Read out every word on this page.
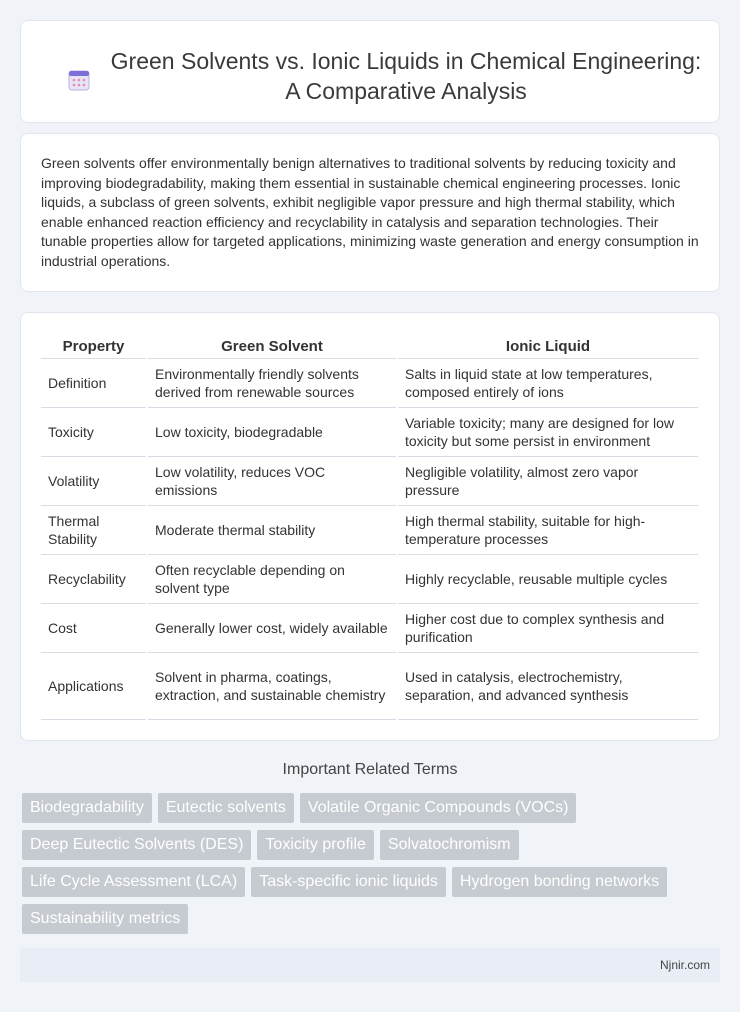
Green Solvents vs. Ionic Liquids in Chemical Engineering: A Comparative Analysis

Green solvents offer environmentally benign alternatives to traditional solvents by reducing toxicity and improving biodegradability, making them essential in sustainable chemical engineering processes. Ionic liquids, a subclass of green solvents, exhibit negligible vapor pressure and high thermal stability, which enable enhanced reaction efficiency and recyclability in catalysis and separation technologies. Their tunable properties allow for targeted applications, minimizing waste generation and energy consumption in industrial operations.

Property	Green Solvent	Ionic Liquid
Definition	Environmentally friendly solvents derived from renewable sources	Salts in liquid state at low temperatures, composed entirely of ions
Toxicity	Low toxicity, biodegradable	Variable toxicity; many are designed for low toxicity but some persist in environment
Volatility	Low volatility, reduces VOC emissions	Negligible volatility, almost zero vapor pressure
Thermal Stability	Moderate thermal stability	High thermal stability, suitable for high-temperature processes
Recyclability	Often recyclable depending on solvent type	Highly recyclable, reusable multiple cycles
Cost	Generally lower cost, widely available	Higher cost due to complex synthesis and purification
Applications	Solvent in pharma, coatings, extraction, and sustainable chemistry	Used in catalysis, electrochemistry, separation, and advanced synthesis
Important Related Terms
Biodegradability Eutectic solvents Volatile Organic Compounds (VOCs)
Deep Eutectic Solvents (DES) Toxicity profile Solvatochromism
Life Cycle Assessment (LCA) Task-specific ionic liquids Hydrogen bonding networks
Sustainability metrics
Njnir.com
